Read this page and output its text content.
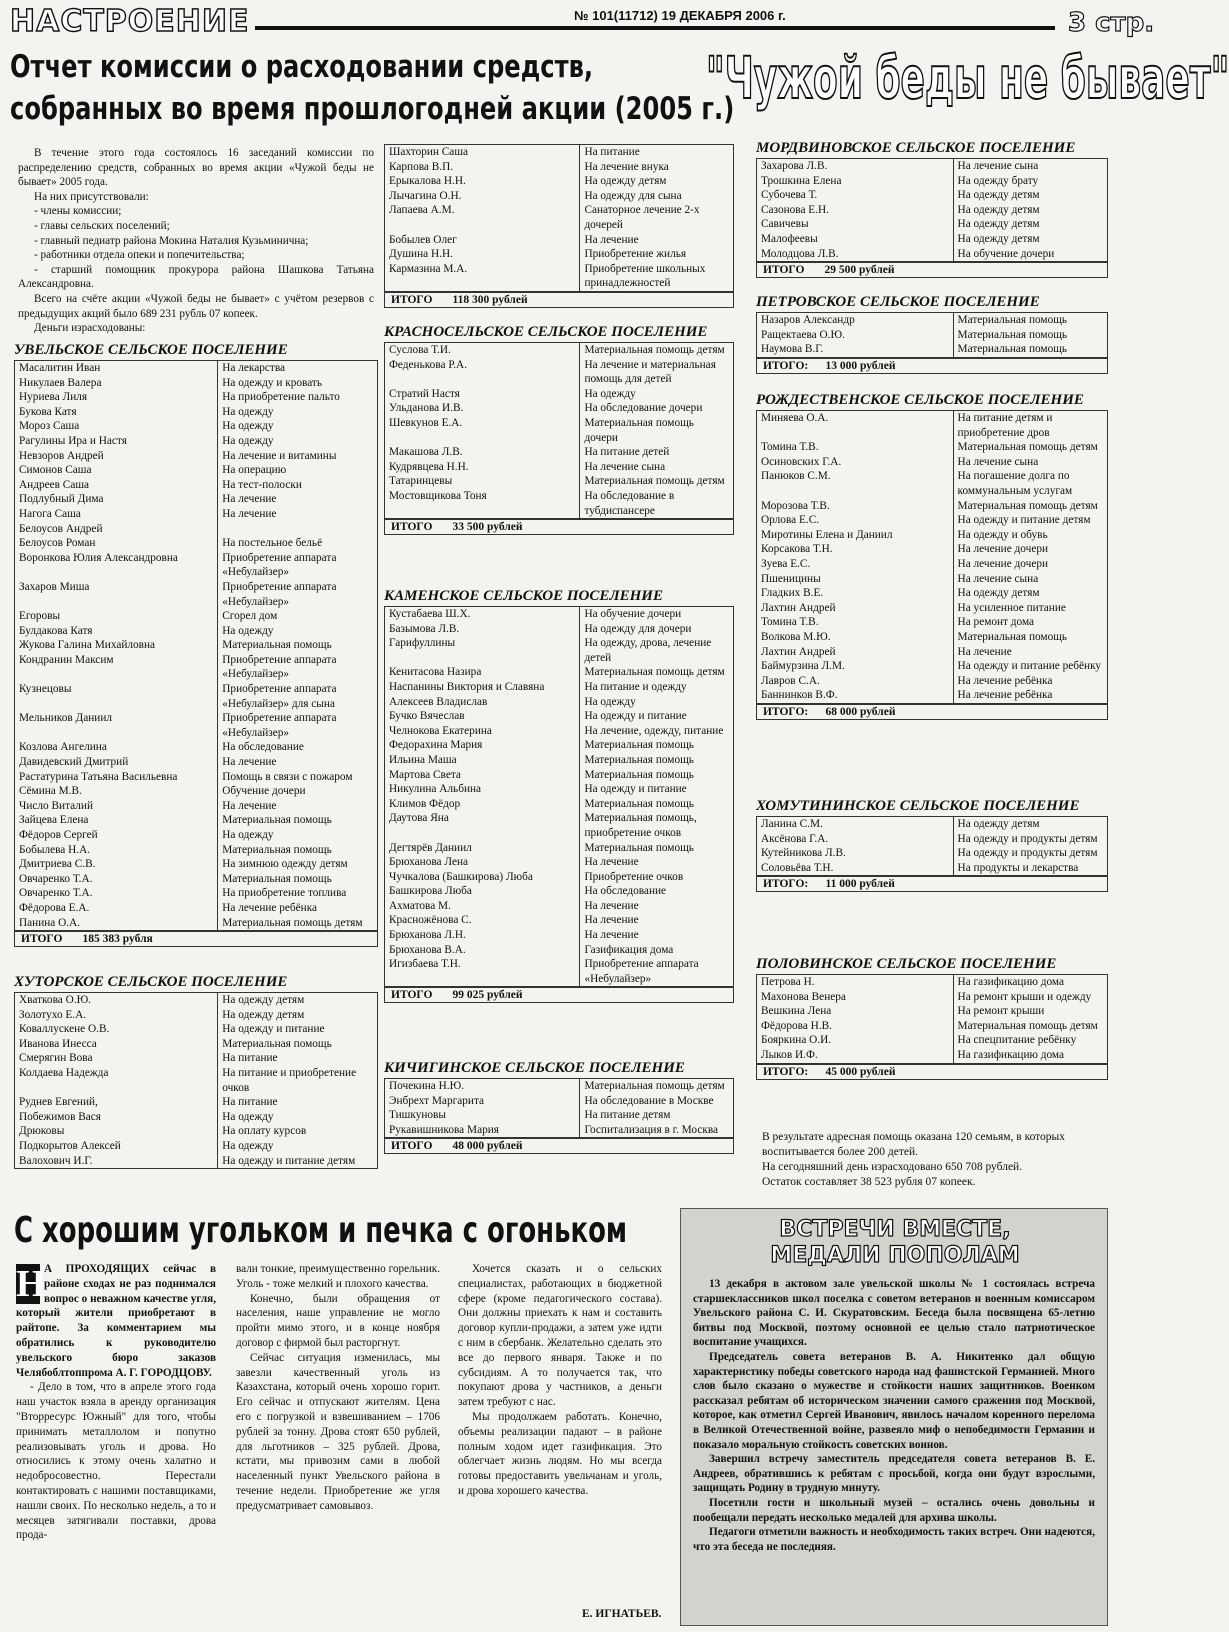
НАСТРОЕНИЕ	№ 101(11712) 19 ДЕКАБРЯ 2006 г.	3 стр.
Отчет комиссии о расходовании средств,
собранных во время прошлогодней акции (2005 г.)
"Чужой беды не бывает"

В течение этого года состоялось 16 заседаний комиссии по распределению средств, собранных во время акции «Чужой беды не бывает» 2005 года.

На них присутствовали:

- члены комиссии;

- главы сельских поселений;

- главный педиатр района Мокина Наталия Кузьминична;

- работники отдела опеки и попечительства;

- старший помощник прокурора района Шашкова Татьяна Александровна.

Всего на счёте акции «Чужой беды не бывает» с учётом резервов с предыдущих акций было 689 231 рубль 07 копеек.

Деньги израсходованы:

УВЕЛЬСКОЕ СЕЛЬСКОЕ ПОСЕЛЕНИЕ
Масалитин Иван	На лекарства
Никулаев Валера	На одежду и кровать
Нуриева Лиля	На приобретение пальто
Букова Катя	На одежду
Мороз Саша	На одежду
Рагулины Ира и Настя	На одежду
Невзоров Андрей	На лечение и витамины
Симонов Саша	На операцию
Андреев Саша	На тест-полоски
Подлубный Дима	На лечение
Нагога Саша	На лечение
Белоусов Андрей	
Белоусов Роман	На постельное бельё
Воронкова Юлия Александровна	Приобретение аппарата «Небулайзер»
Захаров Миша	Приобретение аппарата «Небулайзер»
Егоровы	Сгорел дом
Булдакова Катя	На одежду
Жукова Галина Михайловна	Материальная помощь
Кондранин Максим	Приобретение аппарата «Небулайзер»
Кузнецовы	Приобретение аппарата «Небулайзер» для сына
Мельников Даниил	Приобретение аппарата «Небулайзер»
Козлова Ангелина	На обследование
Давидевский Дмитрий	На лечение
Растатурина Татьяна Васильевна	Помощь в связи с пожаром
Сёмина М.В.	Обучение дочери
Число Виталий	На лечение
Зайцева Елена	Материальная помощь
Фёдоров Сергей	На одежду
Бобылева Н.А.	Материальная помощь
Дмитриева С.В.	На зимнюю одежду детям
Овчаренко Т.А.	Материальная помощь
Овчаренко Т.А.	На приобретение топлива
Фёдорова Е.А.	На лечение ребёнка
Панина О.А.	Материальная помощь детям
ИТОГО       185 383 рубля
ХУТОРСКОЕ СЕЛЬСКОЕ ПОСЕЛЕНИЕ
Хваткова О.Ю.	На одежду детям
Золотухо Е.А.	На одежду детям
Коваллускене О.В.	На одежду и питание
Иванова Инесса	Материальная помощь
Смерягин Вова	На питание
Колдаева Надежда	На питание и приобретение очков
Руднев Евгений,	На питание
Побежимов Вася	На одежду
Дрюковы	На оплату курсов
Подкорытов Алексей	На одежду
Валохович И.Г.	На одежду и питание детям
Шахторин Саша	На питание
Карпова В.П.	На лечение внука
Ерыкалова Н.Н.	На одежду детям
Лычагина О.Н.	На одежду для сына
Лапаева А.М.	Санаторное лечение 2-х дочерей
Бобылев Олег	На лечение
Душина Н.Н.	Приобретение жилья
Кармазина М.А.	Приобретение школьных принадлежностей
ИТОГО       118 300 рублей
КРАСНОСЕЛЬСКОЕ СЕЛЬСКОЕ ПОСЕЛЕНИЕ
Суслова Т.И.	Материальная помощь детям
Феденькова Р.А.	На лечение и материальная помощь для детей
Стратий Настя	На одежду
Ульданова И.В.	На обследование дочери
Шевкунов Е.А.	Материальная помощь дочери
Макашова Л.В.	На питание детей
Кудрявцева Н.Н.	На лечение сына
Татаринцевы	Материальная помощь детям
Мостовщикова Тоня	На обследование в тубдиспансере
ИТОГО       33 500 рублей
КАМЕНСКОЕ СЕЛЬСКОЕ ПОСЕЛЕНИЕ
Кустабаева Ш.Х.	На обучение дочери
Базымова Л.В.	На одежду для дочери
Гарифуллины	На одежду, дрова, лечение детей
Кенитасова Назира	Материальная помощь детям
Наспанины Виктория и Славяна	На питание и одежду
Алексеев Владислав	На одежду
Бучко Вячеслав	На одежду и питание
Челнокова Екатерина	На лечение, одежду, питание
Федорахина Мария	Материальная помощь
Ильина Маша	Материальная помощь
Мартова Света	Материальная помощь
Никулина Альбина	На одежду и питание
Климов Фёдор	Материальная помощь
Даутова Яна	Материальная помощь, приобретение очков
Дегтярёв Даниил	Материальная помощь
Брюханова Лена	На лечение
Чучкалова (Башкирова) Люба	Приобретение очков
Башкирова Люба	На обследование
Ахматова М.	На лечение
Красножёнова С.	На лечение
Брюханова Л.Н.	На лечение
Брюханова В.А.	Газификация дома
Игизбаева Т.Н.	Приобретение аппарата «Небулайзер»
ИТОГО       99 025 рублей
КИЧИГИНСКОЕ СЕЛЬСКОЕ ПОСЕЛЕНИЕ
Почекина Н.Ю.	Материальная помощь детям
Энбрехт Маргарита	На обследование в Москве
Тишкуновы	На питание детям
Рукавишникова Мария	Госпитализация в г. Москва
ИТОГО       48 000 рублей
МОРДВИНОВСКОЕ СЕЛЬСКОЕ ПОСЕЛЕНИЕ
Захарова Л.В.	На лечение сына
Трошкина Елена	На одежду брату
Субочева Т.	На одежду детям
Сазонова Е.Н.	На одежду детям
Савичевы	На одежду детям
Малофеевы	На одежду детям
Молодцова Л.В.	На обучение дочери
ИТОГО       29 500 рублей
ПЕТРОВСКОЕ СЕЛЬСКОЕ ПОСЕЛЕНИЕ
Назаров Александр	Материальная помощь
Ращектаева О.Ю.	Материальная помощь
Наумова В.Г.	Материальная помощь
ИТОГО:      13 000 рублей
РОЖДЕСТВЕНСКОЕ СЕЛЬСКОЕ ПОСЕЛЕНИЕ
Миняева О.А.	На питание детям и приобретение дров
Томина Т.В.	Материальная помощь детям
Осиновских Г.А.	На лечение сына
Панюков С.М.	На погашение долга по коммунальным услугам
Морозова Т.В.	Материальная помощь детям
Орлова Е.С.	На одежду и питание детям
Миротины Елена и Даниил	На одежду и обувь
Корсакова Т.Н.	На лечение дочери
Зуева Е.С.	На лечение дочери
Пшеницины	На лечение сына
Гладких В.Е.	На одежду детям
Лахтин Андрей	На усиленное питание
Томина Т.В.	На ремонт дома
Волкова М.Ю.	Материальная помощь
Лахтин Андрей	На лечение
Баймурзина Л.М.	На одежду и питание ребёнку
Лавров С.А.	На лечение ребёнка
Баннинков В.Ф.	На лечение ребёнка
ИТОГО:      68 000 рублей
ХОМУТИНИНСКОЕ СЕЛЬСКОЕ ПОСЕЛЕНИЕ
Ланина С.М.	На одежду детям
Аксёнова Г.А.	На одежду и продукты детям
Кутейникова Л.В.	На одежду и продукты детям
Соловьёва Т.Н.	На продукты и лекарства
ИТОГО:      11 000 рублей
ПОЛОВИНСКОЕ СЕЛЬСКОЕ ПОСЕЛЕНИЕ
Петрова Н.	На газификацию дома
Махонова Венера	На ремонт крыши и одежду
Вешкина Лена	На ремонт крыши
Фёдорова Н.В.	Материальная помощь детям
Бояркина О.И.	На спецпитание ребёнку
Лыков И.Ф.	На газификацию дома
ИТОГО:      45 000 рублей

В результате адресная помощь оказана 120 семьям, в которых воспитывается более 200 детей.

На сегодняшний день израсходовано 650 708 рублей.

Остаток составляет 38 523 рубля 07 копеек.

С хорошим угольком и печка с огоньком
Н

А ПРОХОДЯЩИХ сейчас в районе сходах не раз поднимался вопрос о неважном качестве угля, который жители приобретают в райтопе. За комментарием мы обратились к руководителю увельского бюро заказов Челябоблтоппрома А. Г. ГОРОДЦОВУ.

- Дело в том, что в апреле этого года наш участок взяла в аренду организация "Вторресурс Южный" для того, чтобы принимать металлолом и попутно реализовывать уголь и дрова. Но относились к этому очень халатно и недобросовестно. Перестали контактировать с нашими поставщиками, нашли своих. По несколько недель, а то и месяцев затягивали поставки, дрова прода-

вали тонкие, преимущественно горельник. Уголь - тоже мелкий и плохого качества.

Конечно, были обращения от населения, наше управление не могло пройти мимо этого, и в конце ноября договор с фирмой был расторгнут.

Сейчас ситуация изменилась, мы завезли качественный уголь из Казахстана, который очень хорошо горит. Его сейчас и отпускают жителям. Цена его с погрузкой и взвешиванием – 1706 рублей за тонну. Дрова стоят 650 рублей, для льготников – 325 рублей. Дрова, кстати, мы привозим сами в любой населенный пункт Увельского района в течение недели. Приобретение же угля предусматривает самовывоз.

Хочется сказать и о сельских специалистах, работающих в бюджетной сфере (кроме педагогического состава). Они должны приехать к нам и составить договор купли-продажи, а затем уже идти с ним в сбербанк. Желательно сделать это все до первого января. Также и по субсидиям. А то получается так, что покупают дрова у частников, а деньги затем требуют с нас.

Мы продолжаем работать. Конечно, объемы реализации падают – в районе полным ходом идет газификация. Это облегчает жизнь людям. Но мы всегда готовы предоставить увельчанам и уголь, и дрова хорошего качества.

Е. ИГНАТЬЕВ.
ВСТРЕЧИ ВМЕСТЕ,
МЕДАЛИ ПОПОЛАМ

13 декабря в актовом зале увельской школы № 1 состоялась встреча старшеклассников школ поселка с советом ветеранов и военным комиссаром Увельского района С. И. Скуратовским. Беседа была посвящена 65-летию битвы под Москвой, поэтому основной ее целью стало патриотическое воспитание учащихся.

Председатель совета ветеранов В. А. Никитенко дал общую характеристику победы советского народа над фашистской Германией. Много слов было сказано о мужестве и стойкости наших защитников. Военком рассказал ребятам об историческом значении самого сражения под Москвой, которое, как отметил Сергей Иванович, явилось началом коренного перелома в Великой Отечественной войне, развеяло миф о непобедимости Германии и показало моральную стойкость советских воинов.

Завершил встречу заместитель председателя совета ветеранов В. Е. Андреев, обратившись к ребятам с просьбой, когда они будут взрослыми, защищать Родину в трудную минуту.

Посетили гости и школьный музей – остались очень довольны и пообещали передать несколько медалей для архива школы.

Педагоги отметили важность и необходимость таких встреч. Они надеются, что эта беседа не последняя.
